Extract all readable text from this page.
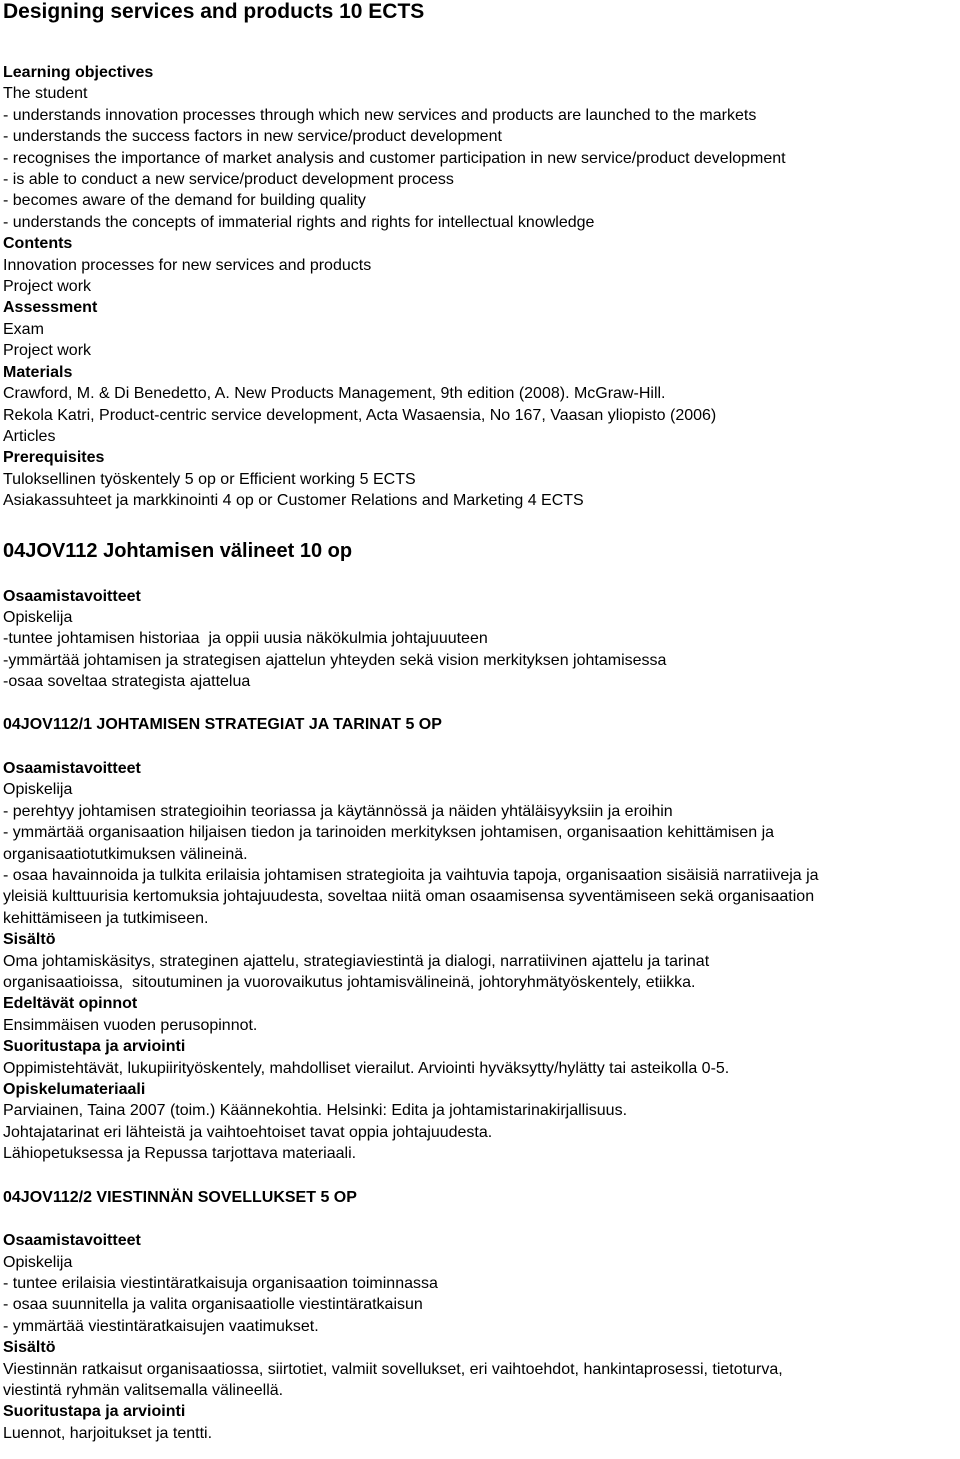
Designing services and products 10 ECTS
Learning objectives
The student
- understands innovation processes through which new services and products are launched to the markets
- understands the success factors in new service/product development
- recognises the importance of market analysis and customer participation in new service/product development
- is able to conduct a new service/product development process
- becomes aware of the demand for building quality
- understands the concepts of immaterial rights and rights for intellectual knowledge
Contents
Innovation processes for new services and products
Project work
Assessment
Exam
Project work
Materials
Crawford, M. & Di Benedetto, A. New Products Management, 9th edition (2008). McGraw-Hill.
Rekola Katri, Product-centric service development, Acta Wasaensia, No 167, Vaasan yliopisto (2006)
Articles
Prerequisites
Tuloksellinen työskentely 5 op or Efficient working 5 ECTS
Asiakassuhteet ja markkinointi 4 op or Customer Relations and Marketing 4 ECTS
04JOV112 Johtamisen välineet 10 op
Osaamistavoitteet
Opiskelija
-tuntee johtamisen historiaa  ja oppii uusia näkökulmia johtajuuuteen
-ymmärtää johtamisen ja strategisen ajattelun yhteyden sekä vision merkityksen johtamisessa
-osaa soveltaa strategista ajattelua
04JOV112/1 JOHTAMISEN STRATEGIAT JA TARINAT 5 OP
Osaamistavoitteet
Opiskelija
- perehtyy johtamisen strategioihin teoriassa ja käytännössä ja näiden yhtäläisyyksiin ja eroihin
- ymmärtää organisaation hiljaisen tiedon ja tarinoiden merkityksen johtamisen, organisaation kehittämisen ja
organisaatiotutkimuksen välineinä.
- osaa havainnoida ja tulkita erilaisia johtamisen strategioita ja vaihtuvia tapoja, organisaation sisäisiä narratiiveja ja
yleisiä kulttuurisia kertomuksia johtajuudesta, soveltaa niitä oman osaamisensa syventämiseen sekä organisaation
kehittämiseen ja tutkimiseen.
Sisältö
Oma johtamiskäsitys, strateginen ajattelu, strategiaviestintä ja dialogi, narratiivinen ajattelu ja tarinat
organisaatioissa,  sitoutuminen ja vuorovaikutus johtamisvälineinä, johtoryhmätyöskentely, etiikka.
Edeltävät opinnot
Ensimmäisen vuoden perusopinnot.
Suoritustapa ja arviointi
Oppimistehtävät, lukupiirityöskentely, mahdolliset vierailut. Arviointi hyväksytty/hylätty tai asteikolla 0-5.
Opiskelumateriaali
Parviainen, Taina 2007 (toim.) Käännekohtia. Helsinki: Edita ja johtamistarinakirjallisuus.
Johtajatarinat eri lähteistä ja vaihtoehtoiset tavat oppia johtajuudesta.
Lähiopetuksessa ja Repussa tarjottava materiaali.
04JOV112/2 VIESTINNÄN SOVELLUKSET 5 OP
Osaamistavoitteet
Opiskelija
- tuntee erilaisia viestintäratkaisuja organisaation toiminnassa
- osaa suunnitella ja valita organisaatiolle viestintäratkaisun
- ymmärtää viestintäratkaisujen vaatimukset.
Sisältö
Viestinnän ratkaisut organisaatiossa, siirtotiet, valmiit sovellukset, eri vaihtoehdot, hankintaprosessi, tietoturva,
viestintä ryhmän valitsemalla välineellä.
Suoritustapa ja arviointi
Luennot, harjoitukset ja tentti.
